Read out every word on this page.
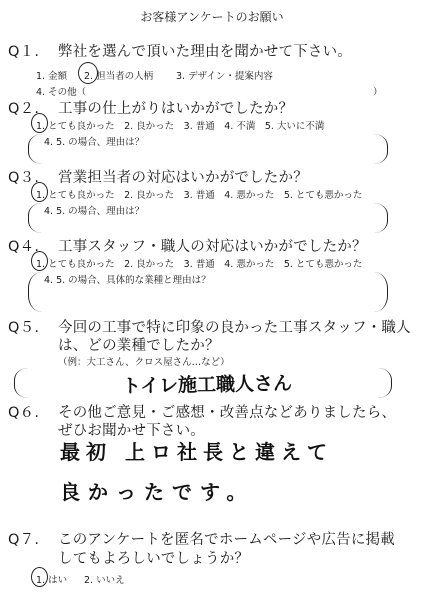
お客様アンケートのお願い
Q１. 弊社を選んで頂いた理由を聞かせて下さい。
1. 金額 2. 担当者の人柄 3. デザイン・提案内容
4. その他（	）
Q２. 工事の仕上がりはいかがでしたか？
1. とても良かった　2. 良かった　3. 普通　4. 不満　5. 大いに不満
4. 5. の場合、理由は？
Q３. 営業担当者の対応はいかがでしたか？
1. とても良かった　2. 良かった　3. 普通　4. 悪かった　5. とても悪かった
4. 5. の場合、理由は？
Q４. 工事スタッフ・職人の対応はいかがでしたか？
1. とても良かった　2. 良かった　3. 普通　4. 悪かった　5. とても悪かった
4. 5. の場合、具体的な業種と理由は？
Q５. 今回の工事で特に印象の良かった工事スタッフ・職人
は、どの業種でしたか？
（例：大工さん、クロス屋さん…など）
トイレ施工職人さん
Q６. その他ご意見・ご感想・改善点などありましたら、
ぜひお聞かせ下さい。
最初 上ロ社長と違えて
良かったです。
Q７. このアンケートを匿名でホームページや広告に掲載
してもよろしいでしょうか？
1. はい 2. いいえ
